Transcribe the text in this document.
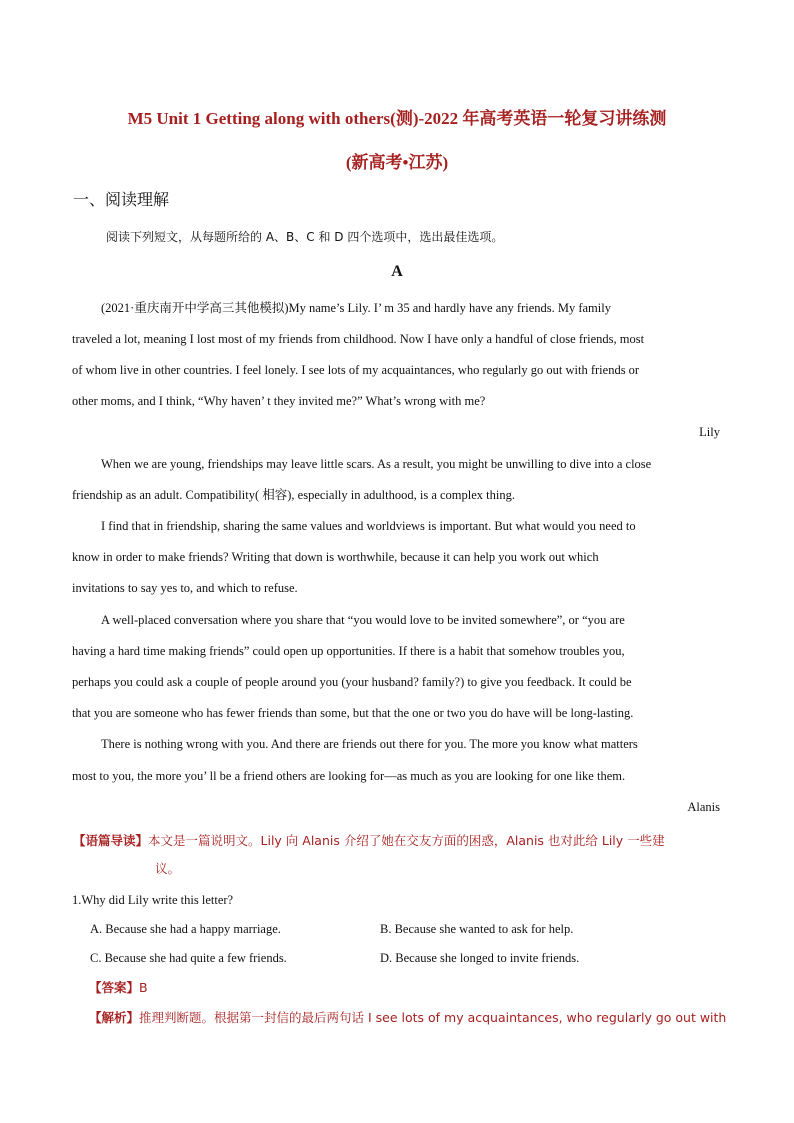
M5 Unit 1 Getting along with others(测)-2022 年高考英语一轮复习讲练测
(新高考•江苏)
一、阅读理解
阅读下列短文，从每题所给的 A、B、C 和 D 四个选项中，选出最佳选项。
A
(2021·重庆南开中学高三其他模拟)My name’s Lily. I’ m 35 and hardly have any friends. My family
traveled a lot, meaning I lost most of my friends from childhood. Now I have only a handful of close friends, most
of whom live in other countries. I feel lonely. I see lots of my acquaintances, who regularly go out with friends or
other moms, and I think, “Why haven’ t they invited me?” What’s wrong with me?
Lily
When we are young, friendships may leave little scars. As a result, you might be unwilling to dive into a close
friendship as an adult. Compatibility( 相容), especially in adulthood, is a complex thing.
I find that in friendship, sharing the same values and worldviews is important. But what would you need to
know in order to make friends? Writing that down is worthwhile, because it can help you work out which
invitations to say yes to, and which to refuse.
A well-placed conversation where you share that “you would love to be invited somewhere”, or “you are
having a hard time making friends” could open up opportunities. If there is a habit that somehow troubles you,
perhaps you could ask a couple of people around you (your husband? family?) to give you feedback. It could be
that you are someone who has fewer friends than some, but that the one or two you do have will be long-lasting.
There is nothing wrong with you. And there are friends out there for you. The more you know what matters
most to you, the more you’ ll be a friend others are looking for—as much as you are looking for one like them.
Alanis
【语篇导读】本文是一篇说明文。Lily 向 Alanis 介绍了她在交友方面的困惑，Alanis 也对此给 Lily 一些建
议。
1.Why did Lily write this letter?
A. Because she had a happy marriage.	B. Because she wanted to ask for help.
C. Because she had quite a few friends.	D. Because she longed to invite friends.
【答案】B
【解析】推理判断题。根据第一封信的最后两句话 I see lots of my acquaintances, who regularly go out with
